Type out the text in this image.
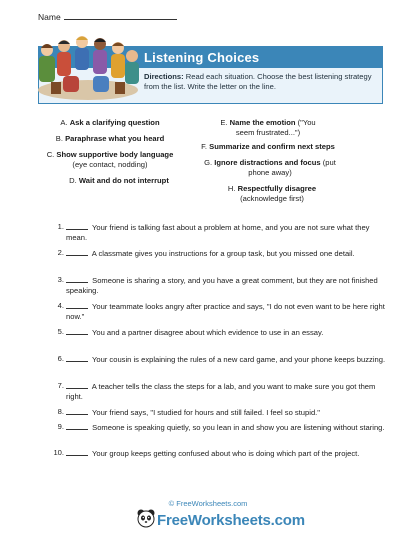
Name
Listening Choices
Directions: Read each situation. Choose the best listening strategy from the list. Write the letter on the line.
A. Ask a clarifying question
B. Paraphrase what you heard
C. Show supportive body language
(eye contact, nodding)
D. Wait and do not interrupt
E. Name the emotion ("You seem frustrated...")
F. Summarize and confirm next steps
G. Ignore distractions and focus (put phone away)
H. Respectfully disagree
(acknowledge first)
1.	Your friend is talking fast about a problem at home, and you are not sure what they mean.
2.	A classmate gives you instructions for a group task, but you missed one detail.
3.	Someone is sharing a story, and you have a great comment, but they are not finished speaking.
4.	Your teammate looks angry after practice and says, "I do not even want to be here right now."
5.	You and a partner disagree about which evidence to use in an essay.
6.	Your cousin is explaining the rules of a new card game, and your phone keeps buzzing.
7.	A teacher tells the class the steps for a lab, and you want to make sure you got them right.
8.	Your friend says, "I studied for hours and still failed. I feel so stupid."
9.	Someone is speaking quietly, so you lean in and show you are listening without staring.
10.	Your group keeps getting confused about who is doing which part of the project.
© FreeWorksheets.com
FreeWorksheets.com
